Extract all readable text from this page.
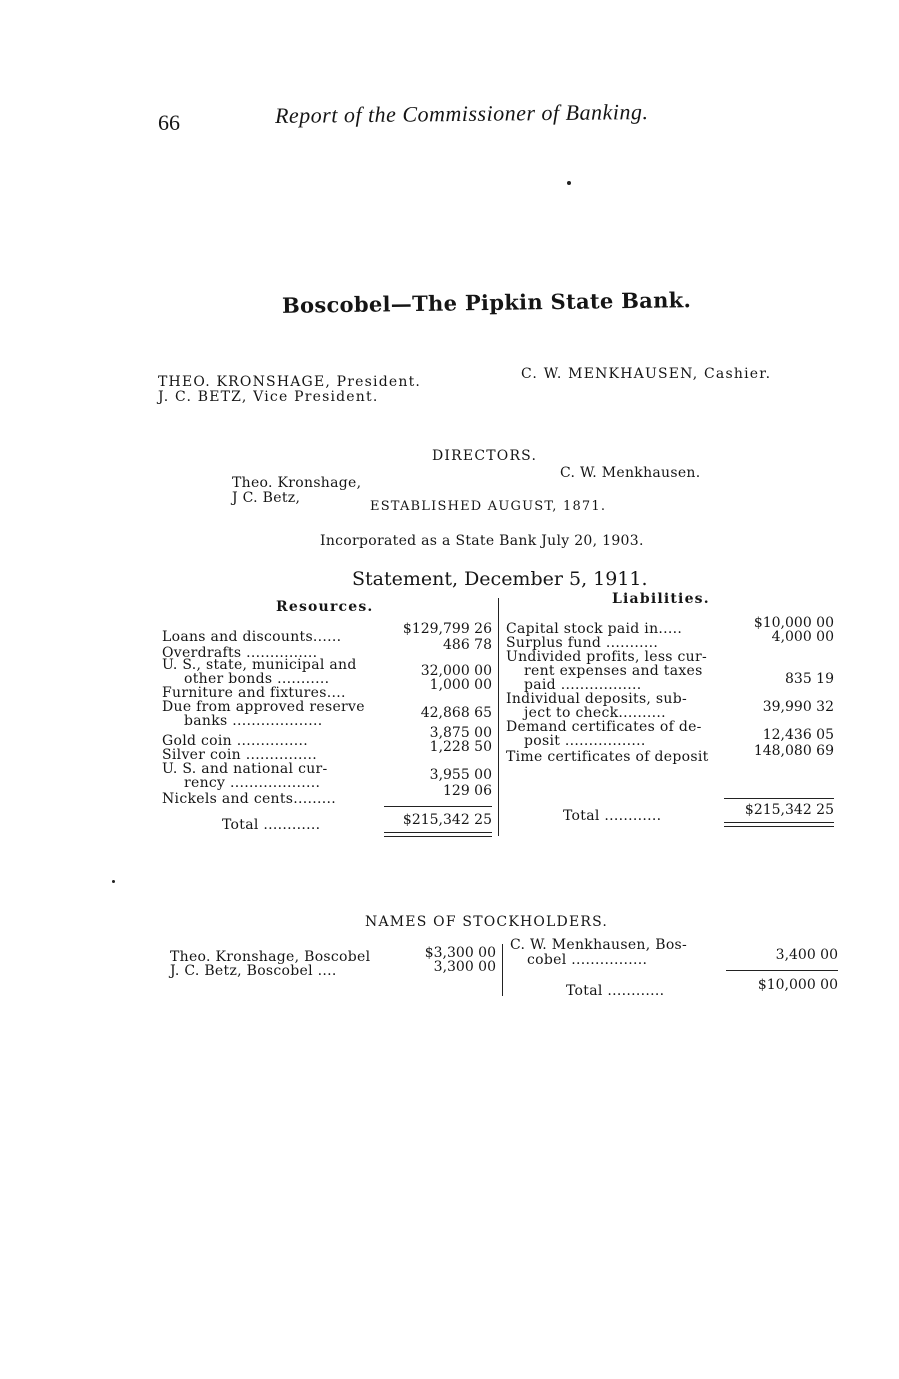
66	Report of the Commissioner of Banking.
Boscobel—The Pipkin State Bank.
THEO. KRONSHAGE, President.
J. C. BETZ, Vice President.
C. W. MENKHAUSEN, Cashier.
DIRECTORS.
Theo. Kronshage,
J C. Betz,
C. W. Menkhausen.
ESTABLISHED AUGUST, 1871.
Incorporated as a State Bank July 20, 1903.
Statement, December 5, 1911.
Resources.
Loans and discounts......	$129,799 26
Overdrafts ...............	486 78
U. S., state, municipal and
other bonds ...........	32,000 00
Furniture and fixtures....	1,000 00
Due from approved reserve
banks ...................	42,868 65
Gold coin ...............	3,875 00
Silver coin ...............	1,228 50
U. S. and national cur-
rency ...................	3,955 00
Nickels and cents.........	129 06
Total ............	$215,342 25
Liabilities.
Capital stock paid in.....	$10,000 00
Surplus fund ...........	4,000 00
Undivided profits, less cur-
rent expenses and taxes
paid .................	835 19
Individual deposits, sub-
ject to check..........	39,990 32
Demand certificates of de-
posit .................	12,436 05
Time certificates of deposit	148,080 69
Total ............	$215,342 25
NAMES OF STOCKHOLDERS.
Theo. Kronshage, Boscobel	$3,300 00
J. C. Betz, Boscobel ....	3,300 00
C. W. Menkhausen, Bos-
cobel ................	3,400 00
Total ............	$10,000 00
